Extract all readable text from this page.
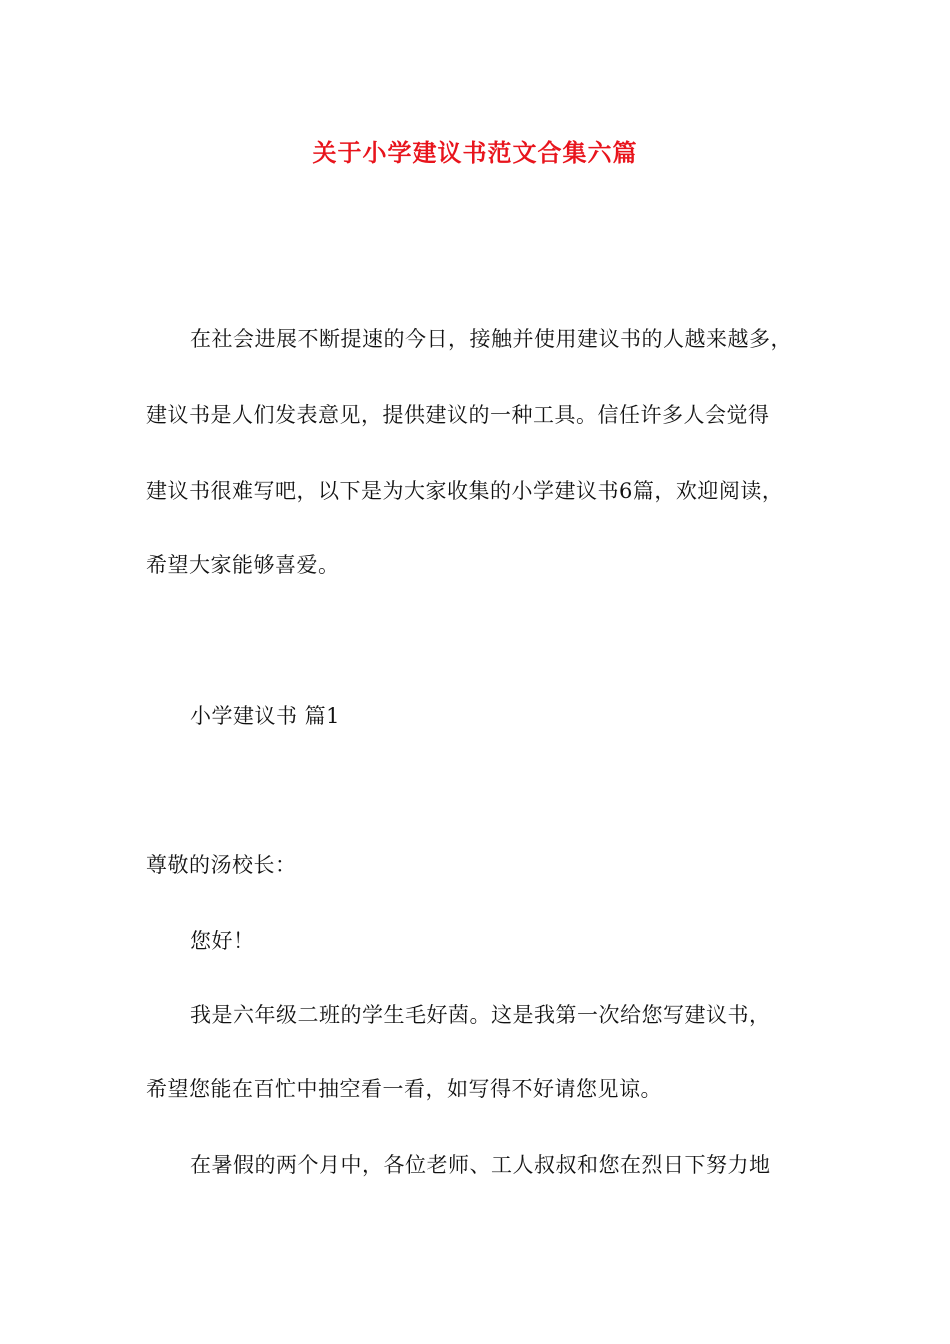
关于小学建议书范文合集六篇
在社会进展不断提速的今日，接触并使用建议书的人越来越多，
建议书是人们发表意见，提供建议的一种工具。信任许多人会觉得
建议书很难写吧，以下是为大家收集的小学建议书6篇，欢迎阅读，
希望大家能够喜爱。
小学建议书 篇1
尊敬的汤校长：
您好！
我是六年级二班的学生毛好茵。这是我第一次给您写建议书，
希望您能在百忙中抽空看一看，如写得不好请您见谅。
在暑假的两个月中，各位老师、工人叔叔和您在烈日下努力地
